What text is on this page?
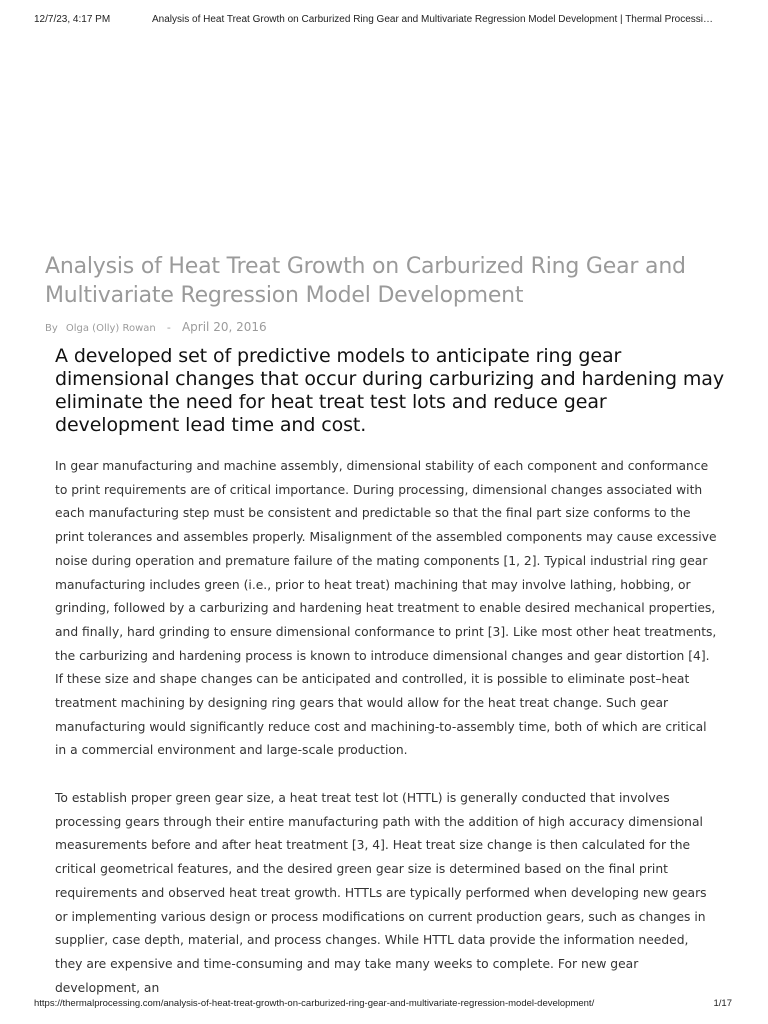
12/7/23, 4:17 PM	Analysis of Heat Treat Growth on Carburized Ring Gear and Multivariate Regression Model Development | Thermal Processi…
Analysis of Heat Treat Growth on Carburized Ring Gear and Multivariate Regression Model Development
By Olga (Olly) Rowan - April 20, 2016

A developed set of predictive models to anticipate ring gear dimensional changes that occur during carburizing and hardening may eliminate the need for heat treat test lots and reduce gear development lead time and cost.

In gear manufacturing and machine assembly, dimensional stability of each component and conformance to print requirements are of critical importance. During processing, dimensional changes associated with each manufacturing step must be consistent and predictable so that the final part size conforms to the print tolerances and assembles properly. Misalignment of the assembled components may cause excessive noise during operation and premature failure of the mating components [1, 2]. Typical industrial ring gear manufacturing includes green (i.e., prior to heat treat) machining that may involve lathing, hobbing, or grinding, followed by a carburizing and hardening heat treatment to enable desired mechanical properties, and finally, hard grinding to ensure dimensional conformance to print [3]. Like most other heat treatments, the carburizing and hardening process is known to introduce dimensional changes and gear distortion [4]. If these size and shape changes can be anticipated and controlled, it is possible to eliminate post–heat treatment machining by designing ring gears that would allow for the heat treat change. Such gear manufacturing would significantly reduce cost and machining-to-assembly time, both of which are critical in a commercial environment and large-scale production.

To establish proper green gear size, a heat treat test lot (HTTL) is generally conducted that involves processing gears through their entire manufacturing path with the addition of high accuracy dimensional measurements before and after heat treatment [3, 4]. Heat treat size change is then calculated for the critical geometrical features, and the desired green gear size is determined based on the final print requirements and observed heat treat growth. HTTLs are typically performed when developing new gears or implementing various design or process modifications on current production gears, such as changes in supplier, case depth, material, and process changes. While HTTL data provide the information needed, they are expensive and time-consuming and may take many weeks to complete. For new gear development, an

https://thermalprocessing.com/analysis-of-heat-treat-growth-on-carburized-ring-gear-and-multivariate-regression-model-development/	1/17
